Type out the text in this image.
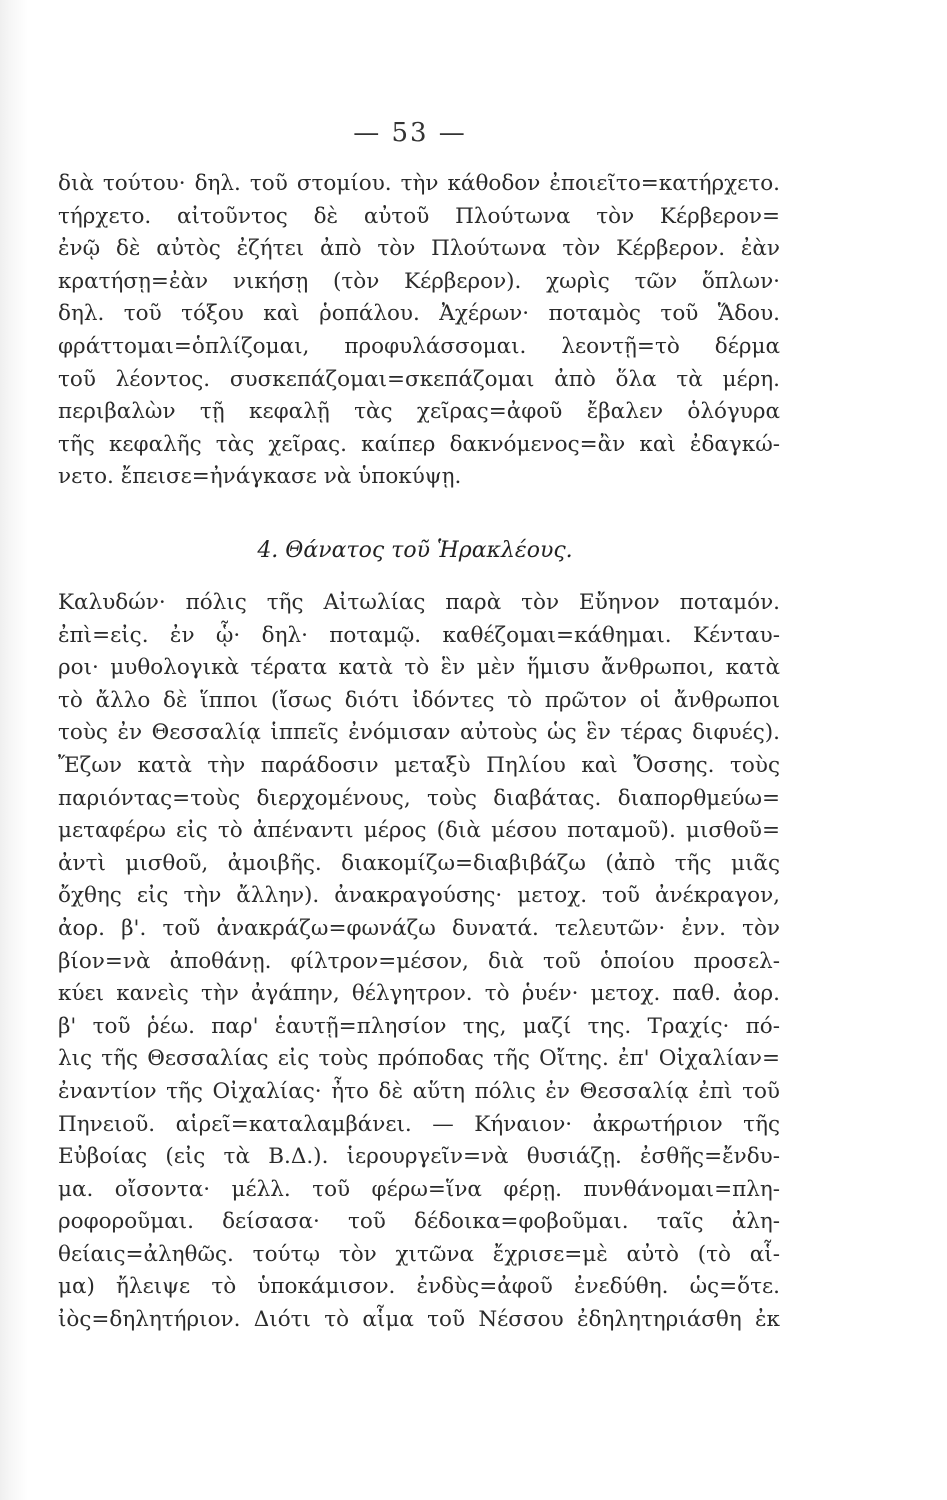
— 53 —
διὰ τούτου· δηλ. τοῦ στομίου. τὴν κάθοδον ἐποιεῖτο=κατήρχετο.
τήρχετο. αἰτοῦντος δὲ αὐτοῦ Πλούτωνα τὸν Κέρβερον=
ἐνῷ δὲ αὐτὸς ἐζήτει ἀπὸ τὸν Πλούτωνα τὸν Κέρβερον. ἐὰν
κρατήσῃ=ἐὰν νικήσῃ (τὸν Κέρβερον). χωρὶς τῶν ὅπλων·
δηλ. τοῦ τόξου καὶ ῥοπάλου. Ἀχέρων· ποταμὸς τοῦ Ἅδου.
φράττομαι=ὁπλίζομαι, προφυλάσσομαι. λεοντῇ=τὸ δέρμα
τοῦ λέοντος. συσκεπάζομαι=σκεπάζομαι ἀπὸ ὅλα τὰ μέρη.
περιβαλὼν τῇ κεφαλῇ τὰς χεῖρας=ἀφοῦ ἔβαλεν ὁλόγυρα
τῆς κεφαλῆς τὰς χεῖρας. καίπερ δακνόμενος=ἂν καὶ ἐδαγκώ-
νετο. ἔπεισε=ἠνάγκασε νὰ ὑποκύψῃ.
4. Θάνατος τοῦ Ἡρακλέους.
Καλυδών· πόλις τῆς Αἰτωλίας παρὰ τὸν Εὔηνον ποταμόν.
ἐπὶ=εἰς. ἐν ᾧ· δηλ· ποταμῷ. καθέζομαι=κάθημαι. Κένταυ-
ροι· μυθολογικὰ τέρατα κατὰ τὸ ἓν μὲν ἥμισυ ἄνθρωποι, κατὰ
τὸ ἄλλο δὲ ἵπποι (ἴσως διότι ἰδόντες τὸ πρῶτον οἱ ἄνθρωποι
τοὺς ἐν Θεσσαλίᾳ ἱππεῖς ἐνόμισαν αὐτοὺς ὡς ἓν τέρας διφυές).
Ἔζων κατὰ τὴν παράδοσιν μεταξὺ Πηλίου καὶ Ὄσσης. τοὺς
παριόντας=τοὺς διερχομένους, τοὺς διαβάτας. διαπορθμεύω=
μεταφέρω εἰς τὸ ἀπέναντι μέρος (διὰ μέσου ποταμοῦ). μισθοῦ=
ἀντὶ μισθοῦ, ἀμοιβῆς. διακομίζω=διαβιβάζω (ἀπὸ τῆς μιᾶς
ὄχθης εἰς τὴν ἄλλην). ἀνακραγούσης· μετοχ. τοῦ ἀνέκραγον,
ἀορ. β'. τοῦ ἀνακράζω=φωνάζω δυνατά. τελευτῶν· ἐνν. τὸν
βίον=νὰ ἀποθάνῃ. φίλτρον=μέσον, διὰ τοῦ ὁποίου προσελ-
κύει κανεὶς τὴν ἀγάπην, θέλγητρον. τὸ ῥυέν· μετοχ. παθ. ἀορ.
β' τοῦ ῥέω. παρ' ἑαυτῇ=πλησίον της, μαζί της. Τραχίς· πό-
λις τῆς Θεσσαλίας εἰς τοὺς πρόποδας τῆς Οἴτης. ἐπ' Οἰχαλίαν=
ἐναντίον τῆς Οἰχαλίας· ἦτο δὲ αὕτη πόλις ἐν Θεσσαλίᾳ ἐπὶ τοῦ
Πηνειοῦ. αἱρεῖ=καταλαμβάνει. — Κήναιον· ἀκρωτήριον τῆς
Εὐβοίας (εἰς τὰ Β.Δ.). ἱερουργεῖν=νὰ θυσιάζῃ. ἐσθῆς=ἔνδυ-
μα. οἴσοντα· μέλλ. τοῦ φέρω=ἵνα φέρῃ. πυνθάνομαι=πλη-
ροφοροῦμαι. δείσασα· τοῦ δέδοικα=φοβοῦμαι. ταῖς ἀλη-
θείαις=ἀληθῶς. τούτῳ τὸν χιτῶνα ἔχρισε=μὲ αὐτὸ (τὸ αἷ-
μα) ἤλειψε τὸ ὑποκάμισον. ἐνδὺς=ἀφοῦ ἐνεδύθη. ὡς=ὅτε.
ἰὸς=δηλητήριον. Διότι τὸ αἷμα τοῦ Νέσσου ἐδηλητηριάσθη ἐκ
